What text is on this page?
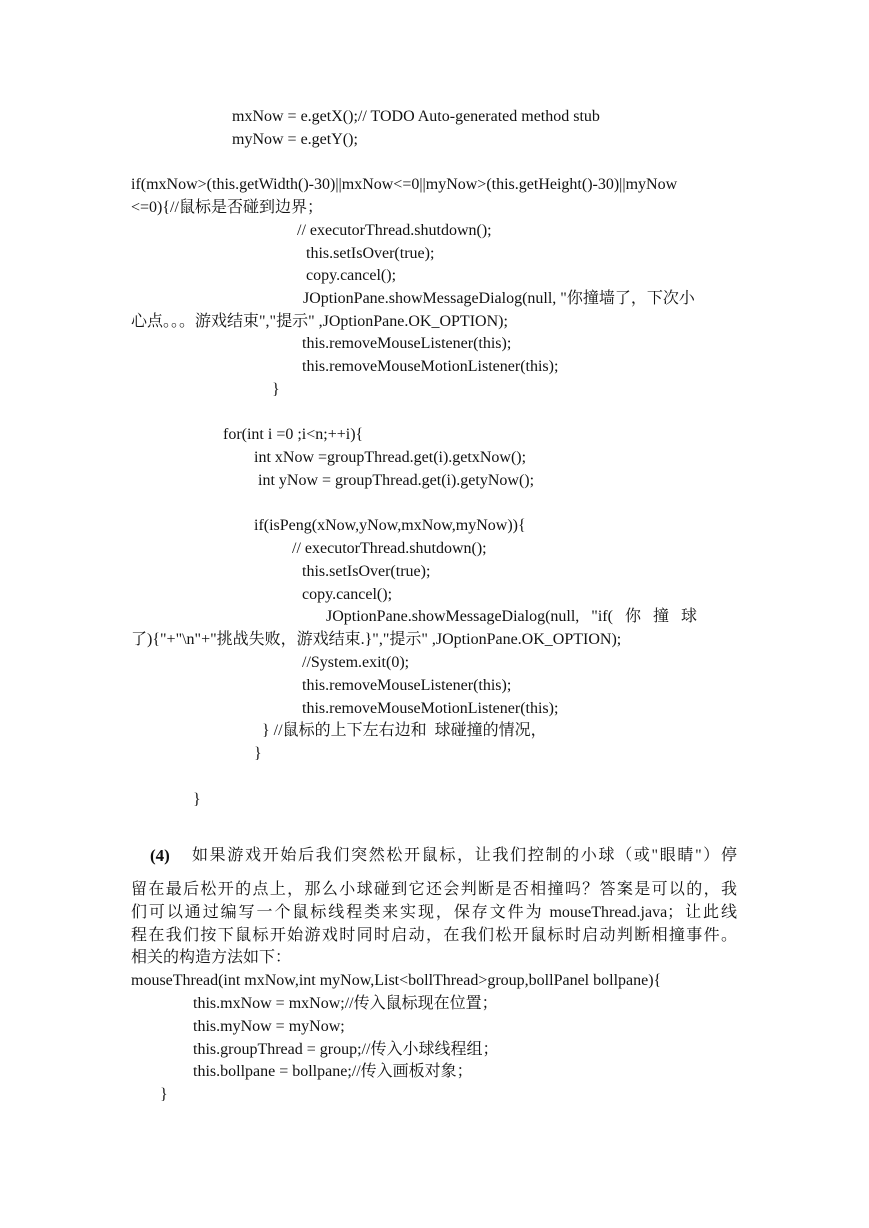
mxNow = e.getX();// TODO Auto-generated method stub
myNow = e.getY();
if(mxNow>(this.getWidth()-30)||mxNow<=0||myNow>(this.getHeight()-30)||myNow
<=0){//鼠标是否碰到边界；
// executorThread.shutdown();
this.setIsOver(true);
copy.cancel();
JOptionPane.showMessageDialog(null, "你撞墙了，下次小
心点。。。游戏结束","提示" ,JOptionPane.OK_OPTION);
this.removeMouseListener(this);
this.removeMouseMotionListener(this);
}
for(int i =0 ;i<n;++i){
int xNow =groupThread.get(i).getxNow();
int yNow = groupThread.get(i).getyNow();
if(isPeng(xNow,yNow,mxNow,myNow)){
// executorThread.shutdown();
this.setIsOver(true);
copy.cancel();
JOptionPane.showMessageDialog(null,   "if(   你   撞   球
了){"+"\n"+"挑战失败，游戏结束.}","提示" ,JOptionPane.OK_OPTION);
//System.exit(0);
this.removeMouseListener(this);
this.removeMouseMotionListener(this);
} //鼠标的上下左右边和  球碰撞的情况，
}
}
(4) 如果游戏开始后我们突然松开鼠标，让我们控制的小球（或"眼睛"）停
留在最后松开的点上，那么小球碰到它还会判断是否相撞吗？答案是可以的，我
们可以通过编写一个鼠标线程类来实现，保存文件为 mouseThread.java；让此线
程在我们按下鼠标开始游戏时同时启动，在我们松开鼠标时启动判断相撞事件。
相关的构造方法如下：
mouseThread(int mxNow,int myNow,List<bollThread>group,bollPanel bollpane){
this.mxNow = mxNow;//传入鼠标现在位置；
this.myNow = myNow;
this.groupThread = group;//传入小球线程组；
this.bollpane = bollpane;//传入画板对象；
}
